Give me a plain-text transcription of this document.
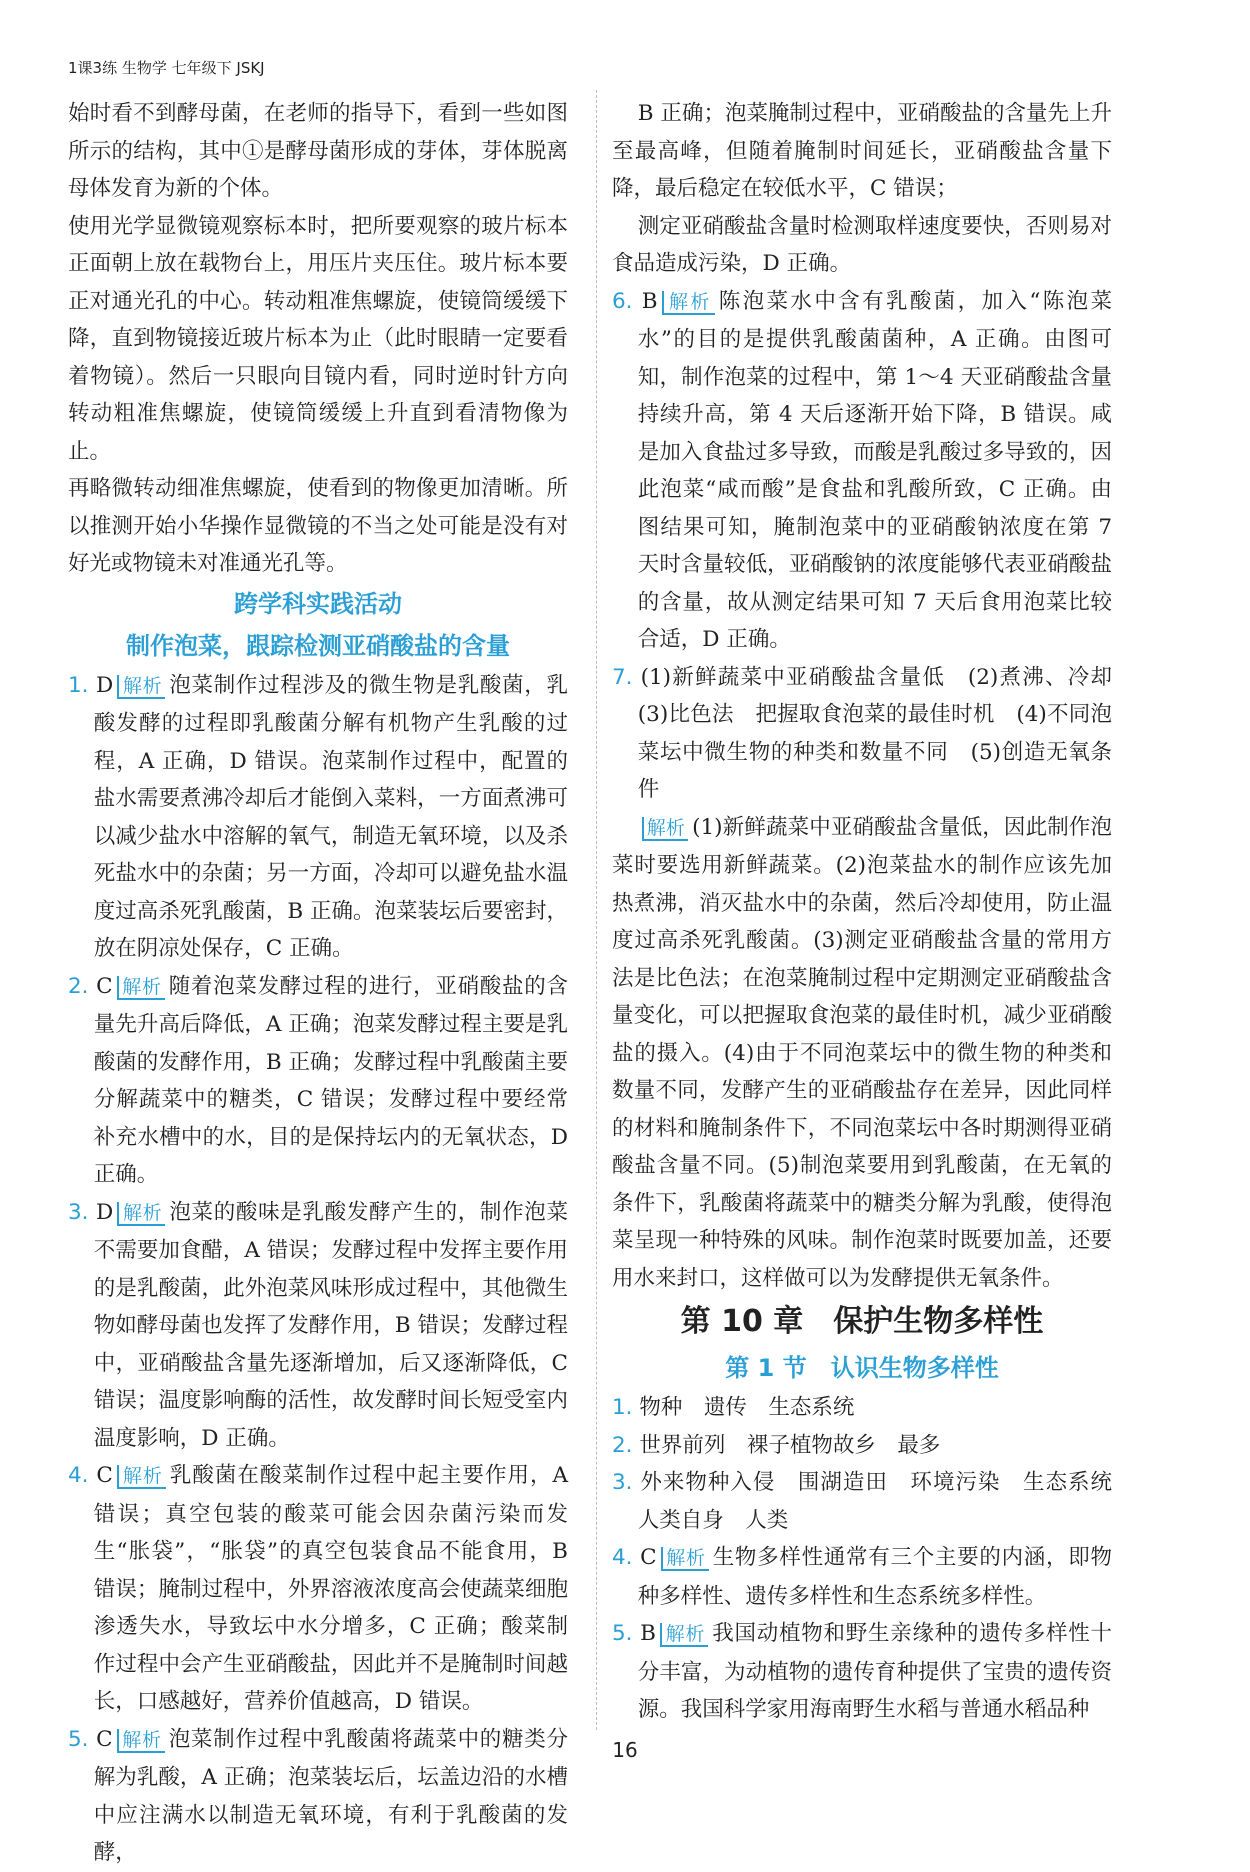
1课3练 生物学 七年级下 JSKJ

始时看不到酵母菌，在老师的指导下，看到一些如图所示的结构，其中①是酵母菌形成的芽体，芽体脱离母体发育为新的个体。

使用光学显微镜观察标本时，把所要观察的玻片标本正面朝上放在载物台上，用压片夹压住。玻片标本要正对通光孔的中心。转动粗准焦螺旋，使镜筒缓缓下降，直到物镜接近玻片标本为止（此时眼睛一定要看着物镜）。然后一只眼向目镜内看，同时逆时针方向转动粗准焦螺旋，使镜筒缓缓上升直到看清物像为止。

再略微转动细准焦螺旋，使看到的物像更加清晰。所以推测开始小华操作显微镜的不当之处可能是没有对好光或物镜未对准通光孔等。

跨学科实践活动
制作泡菜，跟踪检测亚硝酸盐的含量

1. D 解析 泡菜制作过程涉及的微生物是乳酸菌，乳酸发酵的过程即乳酸菌分解有机物产生乳酸的过程，A 正确，D 错误。泡菜制作过程中，配置的盐水需要煮沸冷却后才能倒入菜料，一方面煮沸可以减少盐水中溶解的氧气，制造无氧环境，以及杀死盐水中的杂菌；另一方面，冷却可以避免盐水温度过高杀死乳酸菌，B 正确。泡菜装坛后要密封，放在阴凉处保存，C 正确。

2. C 解析 随着泡菜发酵过程的进行，亚硝酸盐的含量先升高后降低，A 正确；泡菜发酵过程主要是乳酸菌的发酵作用，B 正确；发酵过程中乳酸菌主要分解蔬菜中的糖类，C 错误；发酵过程中要经常补充水槽中的水，目的是保持坛内的无氧状态，D 正确。

3. D 解析 泡菜的酸味是乳酸发酵产生的，制作泡菜不需要加食醋，A 错误；发酵过程中发挥主要作用的是乳酸菌，此外泡菜风味形成过程中，其他微生物如酵母菌也发挥了发酵作用，B 错误；发酵过程中，亚硝酸盐含量先逐渐增加，后又逐渐降低，C 错误；温度影响酶的活性，故发酵时间长短受室内温度影响，D 正确。

4. C 解析 乳酸菌在酸菜制作过程中起主要作用，A 错误；真空包装的酸菜可能会因杂菌污染而发生“胀袋”，“胀袋”的真空包装食品不能食用，B 错误；腌制过程中，外界溶液浓度高会使蔬菜细胞渗透失水，导致坛中水分增多，C 正确；酸菜制作过程中会产生亚硝酸盐，因此并不是腌制时间越长，口感越好，营养价值越高，D 错误。

5. C 解析 泡菜制作过程中乳酸菌将蔬菜中的糖类分解为乳酸，A 正确；泡菜装坛后，坛盖边沿的水槽中应注满水以制造无氧环境，有利于乳酸菌的发酵，

B 正确；泡菜腌制过程中，亚硝酸盐的含量先上升至最高峰，但随着腌制时间延长，亚硝酸盐含量下降，最后稳定在较低水平，C 错误；

测定亚硝酸盐含量时检测取样速度要快，否则易对食品造成污染，D 正确。

6. B 解析 陈泡菜水中含有乳酸菌，加入“陈泡菜水”的目的是提供乳酸菌菌种，A 正确。由图可知，制作泡菜的过程中，第 1～4 天亚硝酸盐含量持续升高，第 4 天后逐渐开始下降，B 错误。咸是加入食盐过多导致，而酸是乳酸过多导致的，因此泡菜“咸而酸”是食盐和乳酸所致，C 正确。由图结果可知，腌制泡菜中的亚硝酸钠浓度在第 7 天时含量较低，亚硝酸钠的浓度能够代表亚硝酸盐的含量，故从测定结果可知 7 天后食用泡菜比较合适，D 正确。

7. (1)新鲜蔬菜中亚硝酸盐含量低　(2)煮沸、冷却　(3)比色法　把握取食泡菜的最佳时机　(4)不同泡菜坛中微生物的种类和数量不同　(5)创造无氧条件

解析 (1)新鲜蔬菜中亚硝酸盐含量低，因此制作泡菜时要选用新鲜蔬菜。(2)泡菜盐水的制作应该先加热煮沸，消灭盐水中的杂菌，然后冷却使用，防止温度过高杀死乳酸菌。(3)测定亚硝酸盐含量的常用方法是比色法；在泡菜腌制过程中定期测定亚硝酸盐含量变化，可以把握取食泡菜的最佳时机，减少亚硝酸盐的摄入。(4)由于不同泡菜坛中的微生物的种类和数量不同，发酵产生的亚硝酸盐存在差异，因此同样的材料和腌制条件下，不同泡菜坛中各时期测得亚硝酸盐含量不同。(5)制泡菜要用到乳酸菌，在无氧的条件下，乳酸菌将蔬菜中的糖类分解为乳酸，使得泡菜呈现一种特殊的风味。制作泡菜时既要加盖，还要用水来封口，这样做可以为发酵提供无氧条件。

第 10 章　保护生物多样性
第 1 节　认识生物多样性

1. 物种　遗传　生态系统

2. 世界前列　裸子植物故乡　最多

3. 外来物种入侵　围湖造田　环境污染　生态系统　人类自身　人类

4. C 解析 生物多样性通常有三个主要的内涵，即物种多样性、遗传多样性和生态系统多样性。

5. B 解析 我国动植物和野生亲缘种的遗传多样性十分丰富，为动植物的遗传育种提供了宝贵的遗传资源。我国科学家用海南野生水稻与普通水稻品种

16
